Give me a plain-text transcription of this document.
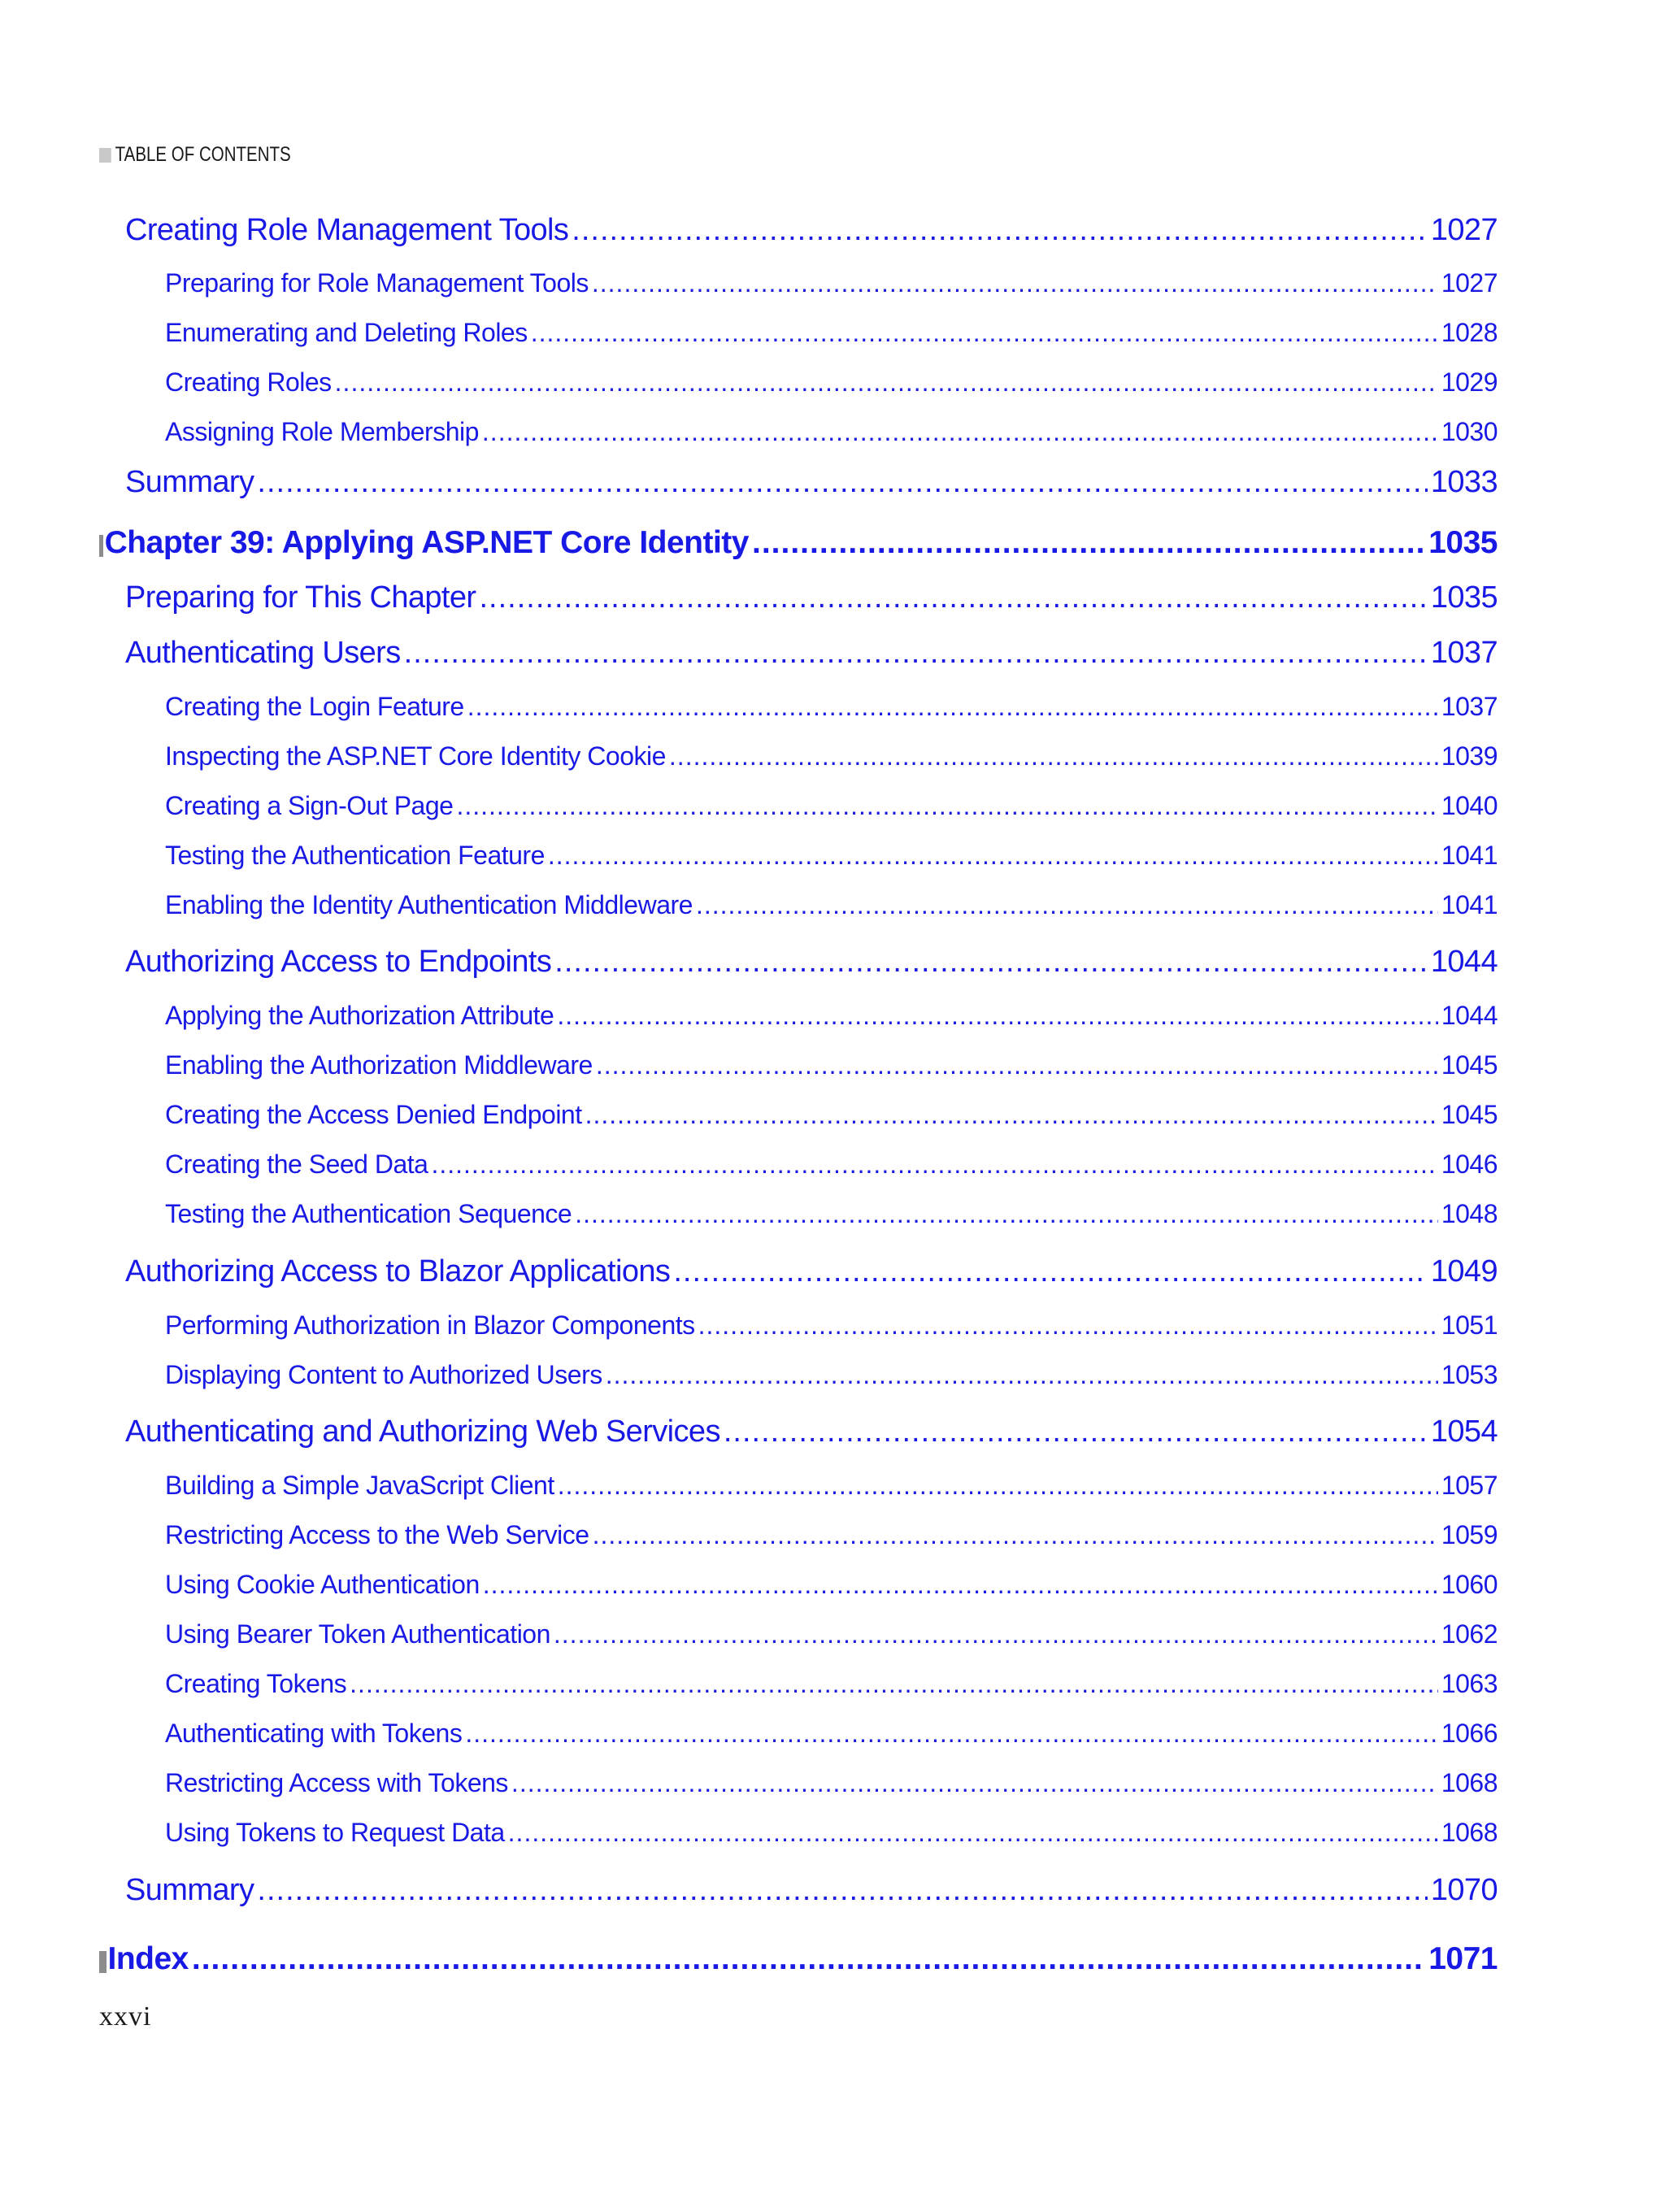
TABLE OF CONTENTS
Creating Role Management Tools .....	1027
Preparing for Role Management Tools .....	1027
Enumerating and Deleting Roles .....	1028
Creating Roles .....	1029
Assigning Role Membership .....	1030
Summary .....	1033
Chapter 39: Applying ASP.NET Core Identity .....	1035
Preparing for This Chapter .....	1035
Authenticating Users .....	1037
Creating the Login Feature .....	1037
Inspecting the ASP.NET Core Identity Cookie .....	1039
Creating a Sign-Out Page .....	1040
Testing the Authentication Feature .....	1041
Enabling the Identity Authentication Middleware .....	1041
Authorizing Access to Endpoints .....	1044
Applying the Authorization Attribute .....	1044
Enabling the Authorization Middleware .....	1045
Creating the Access Denied Endpoint .....	1045
Creating the Seed Data .....	1046
Testing the Authentication Sequence .....	1048
Authorizing Access to Blazor Applications .....	1049
Performing Authorization in Blazor Components .....	1051
Displaying Content to Authorized Users .....	1053
Authenticating and Authorizing Web Services .....	1054
Building a Simple JavaScript Client .....	1057
Restricting Access to the Web Service .....	1059
Using Cookie Authentication .....	1060
Using Bearer Token Authentication .....	1062
Creating Tokens .....	1063
Authenticating with Tokens .....	1066
Restricting Access with Tokens .....	1068
Using Tokens to Request Data .....	1068
Summary .....	1070
Index .....	1071
xxvi
